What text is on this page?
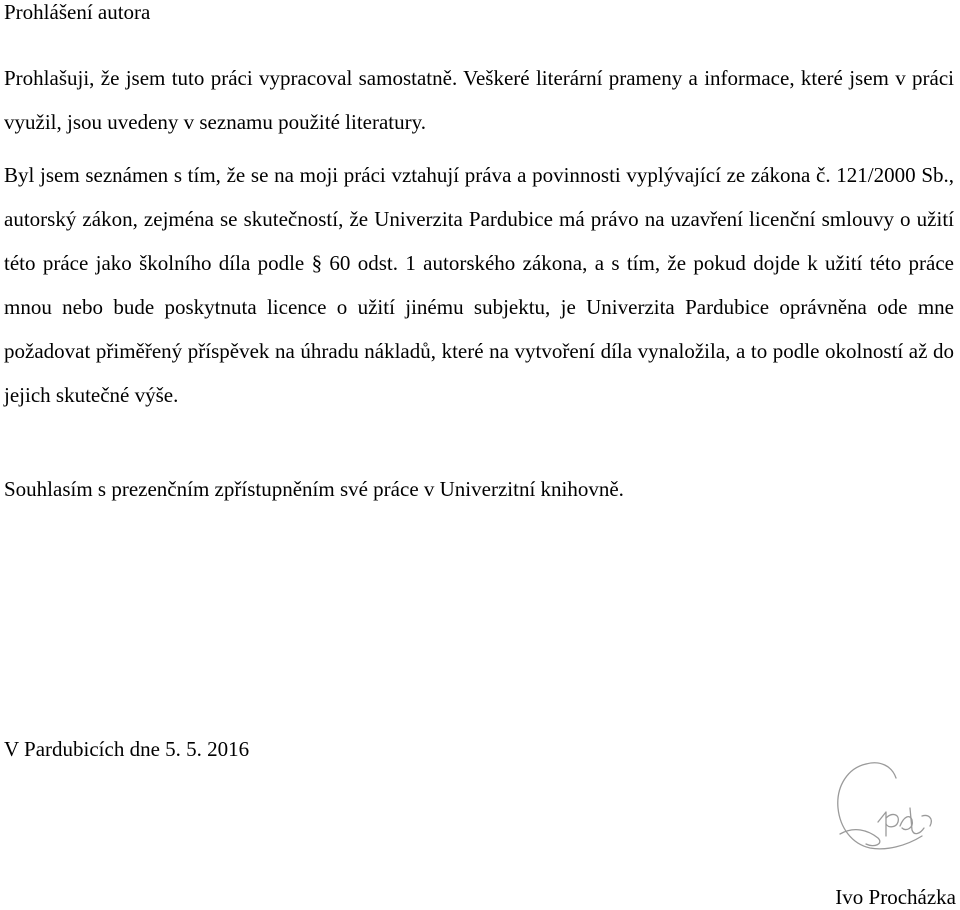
Prohlášení autora
Prohlašuji, že jsem tuto práci vypracoval samostatně. Veškeré literární prameny a informace, které jsem v práci využil, jsou uvedeny v seznamu použité literatury.
Byl jsem seznámen s tím, že se na moji práci vztahují práva a povinnosti vyplývající ze zákona č. 121/2000 Sb., autorský zákon, zejména se skutečností, že Univerzita Pardubice má právo na uzavření licenční smlouvy o užití této práce jako školního díla podle § 60 odst. 1 autorského zákona, a s tím, že pokud dojde k užití této práce mnou nebo bude poskytnuta licence o užití jinému subjektu, je Univerzita Pardubice oprávněna ode mne požadovat přiměřený příspěvek na úhradu nákladů, které na vytvoření díla vynaložila, a to podle okolností až do jejich skutečné výše.
Souhlasím s prezenčním zpřístupněním své práce v Univerzitní knihovně.
V Pardubicích dne 5. 5. 2016
Ivo Procházka
